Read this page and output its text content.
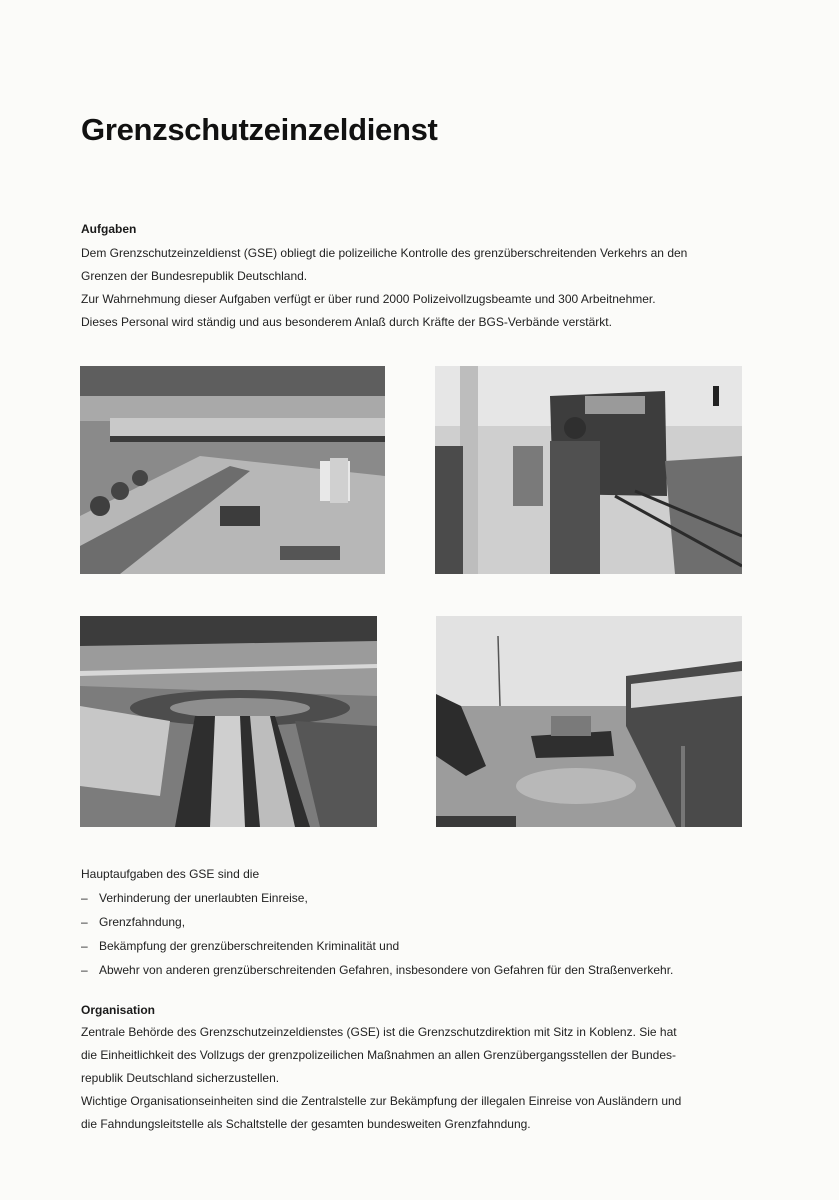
Grenzschutzeinzeldienst
Aufgaben

Dem Grenzschutzeinzeldienst (GSE) obliegt die polizeiliche Kontrolle des grenzüberschreitenden Verkehrs an den

Grenzen der Bundesrepublik Deutschland.

Zur Wahrnehmung dieser Aufgaben verfügt er über rund 2000 Polizeivollzugsbeamte und 300 Arbeitnehmer.

Dieses Personal wird ständig und aus besonderem Anlaß durch Kräfte der BGS-Verbände verstärkt.

Hauptaufgaben des GSE sind die

– Verhinderung der unerlaubten Einreise,

– Grenzfahndung,

– Bekämpfung der grenzüberschreitenden Kriminalität und

– Abwehr von anderen grenzüberschreitenden Gefahren, insbesondere von Gefahren für den Straßenverkehr.

Organisation

Zentrale Behörde des Grenzschutzeinzeldienstes (GSE) ist die Grenzschutzdirektion mit Sitz in Koblenz. Sie hat

die Einheitlichkeit des Vollzugs der grenzpolizeilichen Maßnahmen an allen Grenzübergangsstellen der Bundes-

republik Deutschland sicherzustellen.

Wichtige Organisationseinheiten sind die Zentralstelle zur Bekämpfung der illegalen Einreise von Ausländern und

die Fahndungsleitstelle als Schaltstelle der gesamten bundesweiten Grenzfahndung.
